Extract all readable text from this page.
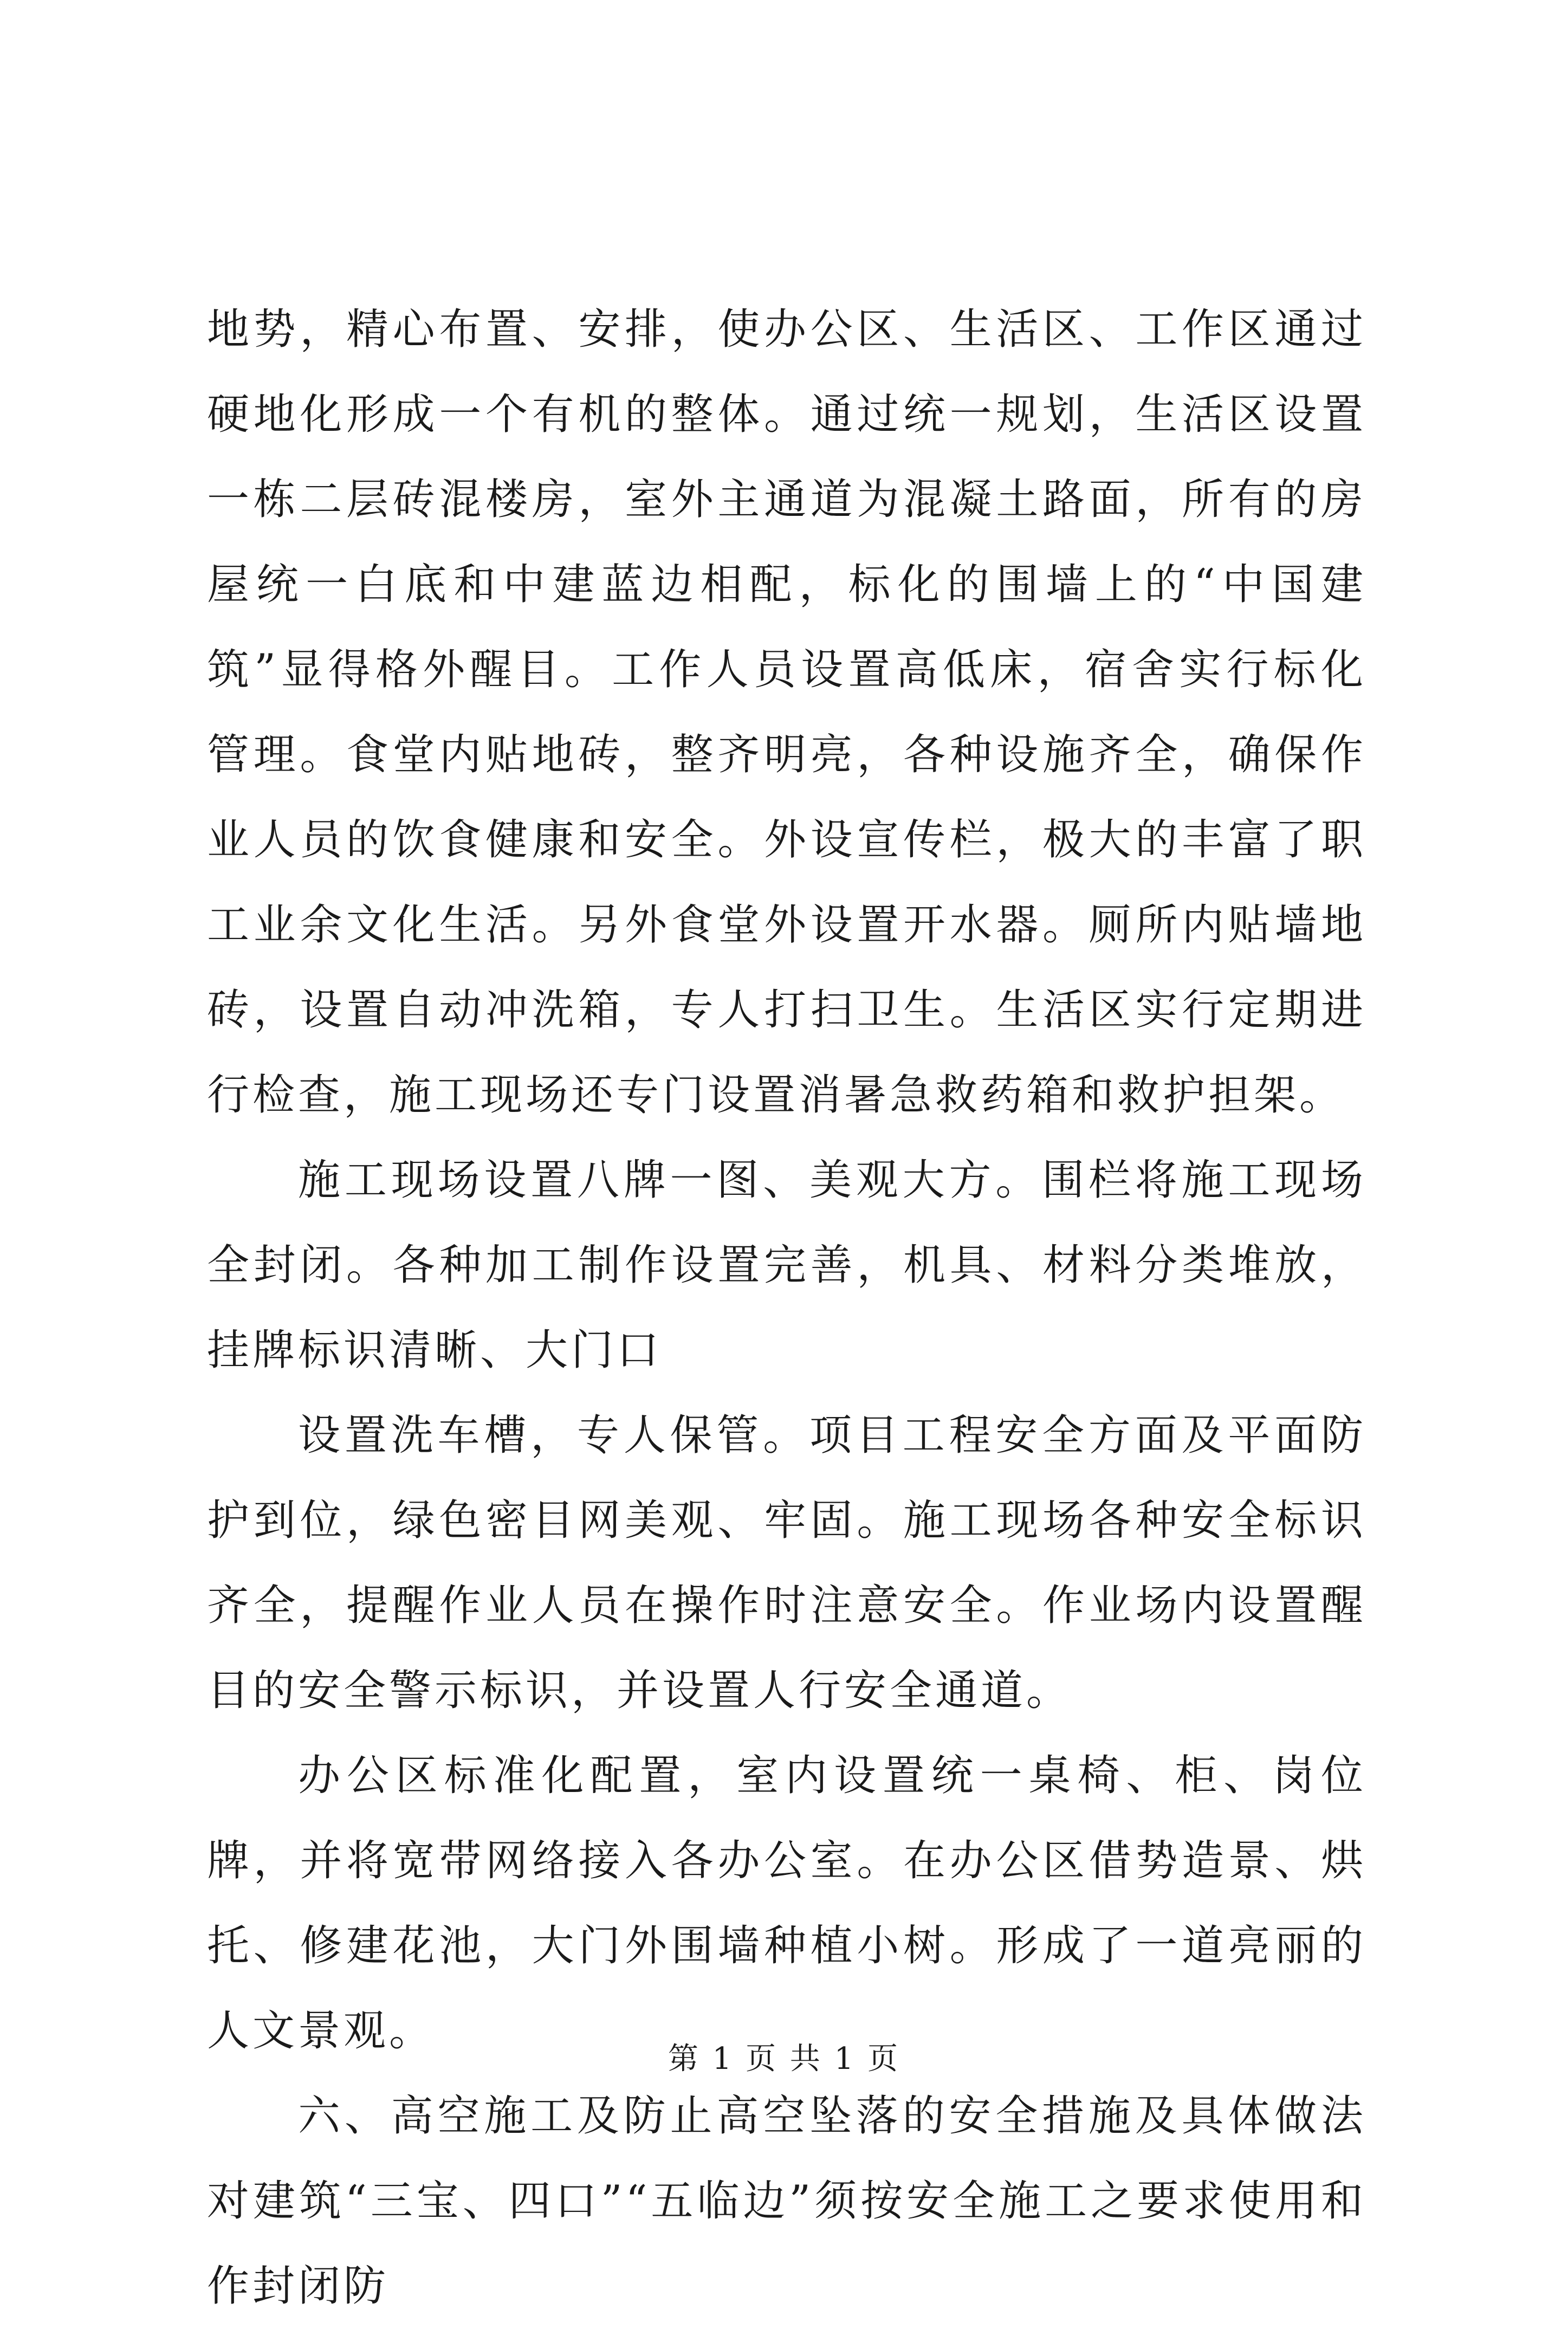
地势，精心布置、安排，使办公区、生活区、工作区通过硬地化形成一个有机的整体。通过统一规划，生活区设置一栋二层砖混楼房，室外主通道为混凝土路面，所有的房屋统一白底和中建蓝边相配，标化的围墙上的“中国建筑”显得格外醒目。工作人员设置高低床，宿舍实行标化管理。食堂内贴地砖，整齐明亮，各种设施齐全，确保作业人员的饮食健康和安全。外设宣传栏，极大的丰富了职工业余文化生活。另外食堂外设置开水器。厕所内贴墙地砖，设置自动冲洗箱，专人打扫卫生。生活区实行定期进行检查，施工现场还专门设置消暑急救药箱和救护担架。

施工现场设置八牌一图、美观大方。围栏将施工现场全封闭。各种加工制作设置完善，机具、材料分类堆放，挂牌标识清晰、大门口

设置洗车槽，专人保管。项目工程安全方面及平面防护到位，绿色密目网美观、牢固。施工现场各种安全标识齐全，提醒作业人员在操作时注意安全。作业场内设置醒目的安全警示标识，并设置人行安全通道。

办公区标准化配置，室内设置统一桌椅、柜、岗位牌，并将宽带网络接入各办公室。在办公区借势造景、烘托、修建花池，大门外围墙种植小树。形成了一道亮丽的人文景观。

六、高空施工及防止高空坠落的安全措施及具体做法对建筑“三宝、四口”“五临边”须按安全施工之要求使用和作封闭防

第 1 页 共 1 页
